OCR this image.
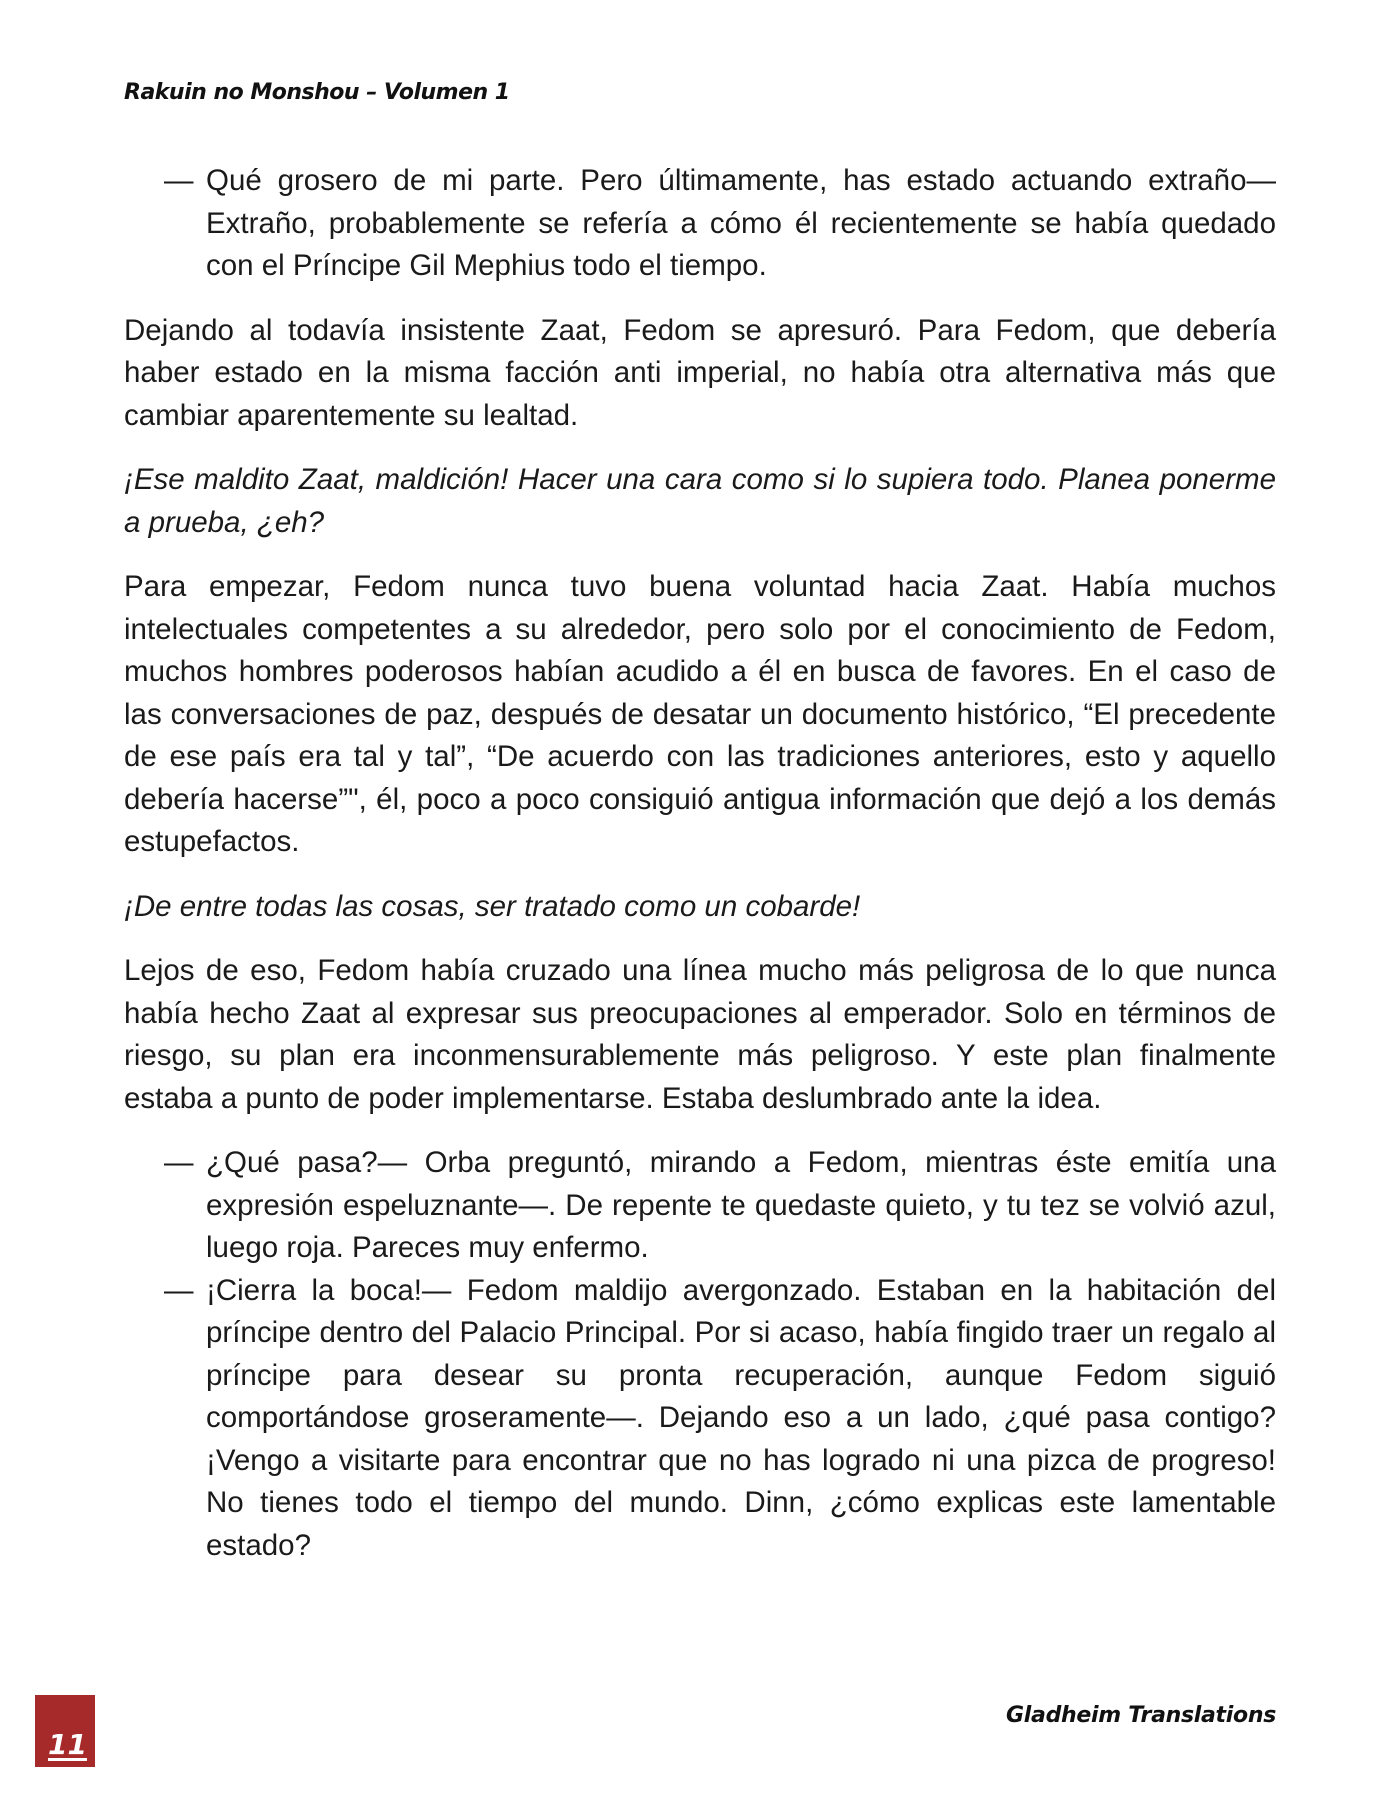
Rakuin no Monshou – Volumen 1

— Qué grosero de mi parte. Pero últimamente, has estado actuando extraño— Extraño, probablemente se refería a cómo él recientemente se había quedado con el Príncipe Gil Mephius todo el tiempo.

Dejando al todavía insistente Zaat, Fedom se apresuró. Para Fedom, que debería haber estado en la misma facción anti imperial, no había otra alternativa más que cambiar aparentemente su lealtad.

¡Ese maldito Zaat, maldición! Hacer una cara como si lo supiera todo. Planea ponerme a prueba, ¿eh?

Para empezar, Fedom nunca tuvo buena voluntad hacia Zaat. Había muchos intelectuales competentes a su alrededor, pero solo por el conocimiento de Fedom, muchos hombres poderosos habían acudido a él en busca de favores. En el caso de las conversaciones de paz, después de desatar un documento histórico, “El precedente de ese país era tal y tal”, “De acuerdo con las tradiciones anteriores, esto y aquello debería hacerse”", él, poco a poco consiguió antigua información que dejó a los demás estupefactos.

¡De entre todas las cosas, ser tratado como un cobarde!

Lejos de eso, Fedom había cruzado una línea mucho más peligrosa de lo que nunca había hecho Zaat al expresar sus preocupaciones al emperador. Solo en términos de riesgo, su plan era inconmensurablemente más peligroso. Y este plan finalmente estaba a punto de poder implementarse. Estaba deslumbrado ante la idea.

— ¿Qué pasa?— Orba preguntó, mirando a Fedom, mientras éste emitía una expresión espeluznante—. De repente te quedaste quieto, y tu tez se volvió azul, luego roja. Pareces muy enfermo.

— ¡Cierra la boca!— Fedom maldijo avergonzado. Estaban en la habitación del príncipe dentro del Palacio Principal. Por si acaso, había fingido traer un regalo al príncipe para desear su pronta recuperación, aunque Fedom siguió comportándose groseramente—. Dejando eso a un lado, ¿qué pasa contigo? ¡Vengo a visitarte para encontrar que no has logrado ni una pizca de progreso! No tienes todo el tiempo del mundo. Dinn, ¿cómo explicas este lamentable estado?

11
Gladheim Translations
